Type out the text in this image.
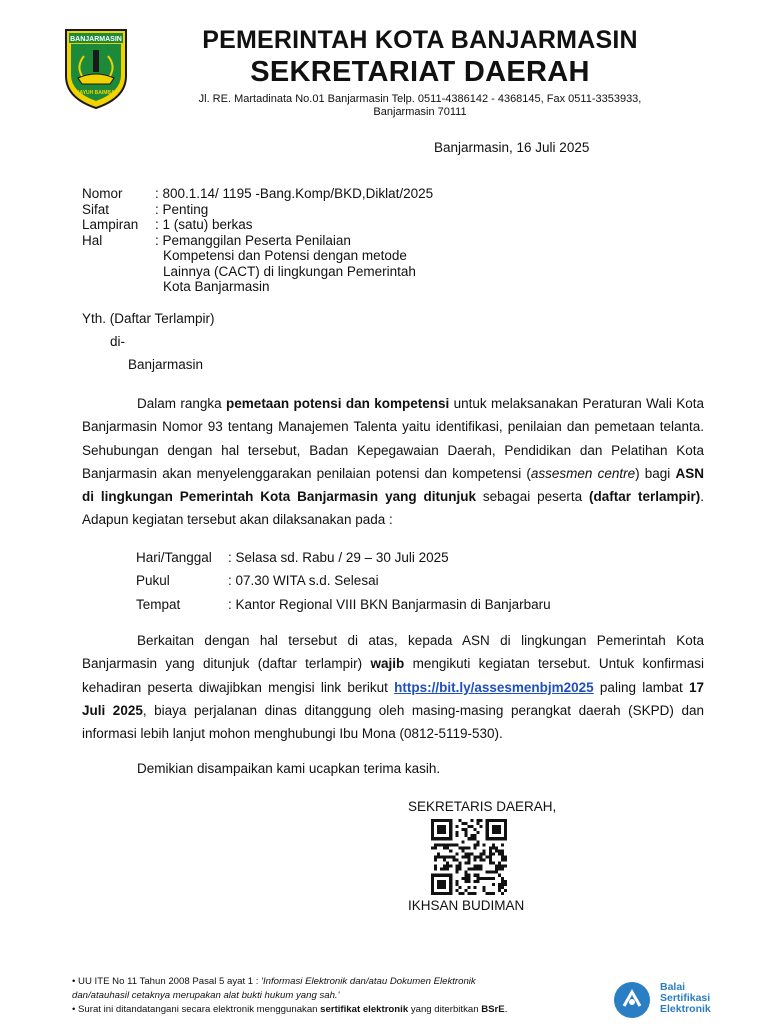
BANJARMASIN
KAYUH BAIMBAI
PEMERINTAH KOTA BANJARMASIN
SEKRETARIAT DAERAH
Jl. RE. Martadinata No.01 Banjarmasin Telp. 0511-4386142 - 4368145, Fax 0511-3353933,
Banjarmasin 70111
Banjarmasin, 16 Juli 2025
Nomor	: 800.1.14/ 1195 -Bang.Komp/BKD,Diklat/2025
Sifat	: Penting
Lampiran	: 1 (satu) berkas
Hal	: Pemanggilan Peserta Penilaian
Kompetensi dan Potensi dengan metode
Lainnya (CACT) di lingkungan Pemerintah
Kota Banjarmasin
Yth. (Daftar Terlampir)
di-
Banjarmasin
Dalam rangka pemetaan potensi dan kompetensi untuk melaksanakan Peraturan Wali Kota Banjarmasin Nomor 93 tentang Manajemen Talenta yaitu identifikasi, penilaian dan pemetaan telanta. Sehubungan dengan hal tersebut, Badan Kepegawaian Daerah, Pendidikan dan Pelatihan Kota Banjarmasin akan menyelenggarakan penilaian potensi dan kompetensi (assesmen centre) bagi ASN di lingkungan Pemerintah Kota Banjarmasin yang ditunjuk sebagai peserta (daftar terlampir). Adapun kegiatan tersebut akan dilaksanakan pada :
Hari/Tanggal	: Selasa sd. Rabu / 29 – 30 Juli 2025
Pukul	: 07.30 WITA s.d. Selesai
Tempat	: Kantor Regional VIII BKN Banjarmasin di Banjarbaru
Berkaitan dengan hal tersebut di atas, kepada ASN di lingkungan Pemerintah Kota Banjarmasin yang ditunjuk (daftar terlampir) wajib mengikuti kegiatan tersebut. Untuk konfirmasi kehadiran peserta diwajibkan mengisi link berikut https://bit.ly/assesmenbjm2025 paling lambat 17 Juli 2025, biaya perjalanan dinas ditanggung oleh masing-masing perangkat daerah (SKPD) dan informasi lebih lanjut mohon menghubungi Ibu Mona (0812-5119-530).
Demikian disampaikan kami ucapkan terima kasih.
SEKRETARIS DAERAH,
IKHSAN BUDIMAN
• UU ITE No 11 Tahun 2008 Pasal 5 ayat 1 : 'Informasi Elektronik dan/atau Dokumen Elektronik
dan/atauhasil cetaknya merupakan alat bukti hukum yang sah.'
• Surat ini ditandatangani secara elektronik menggunakan sertifikat elektronik yang diterbitkan BSrE.
Balai
Sertifikasi
Elektronik
